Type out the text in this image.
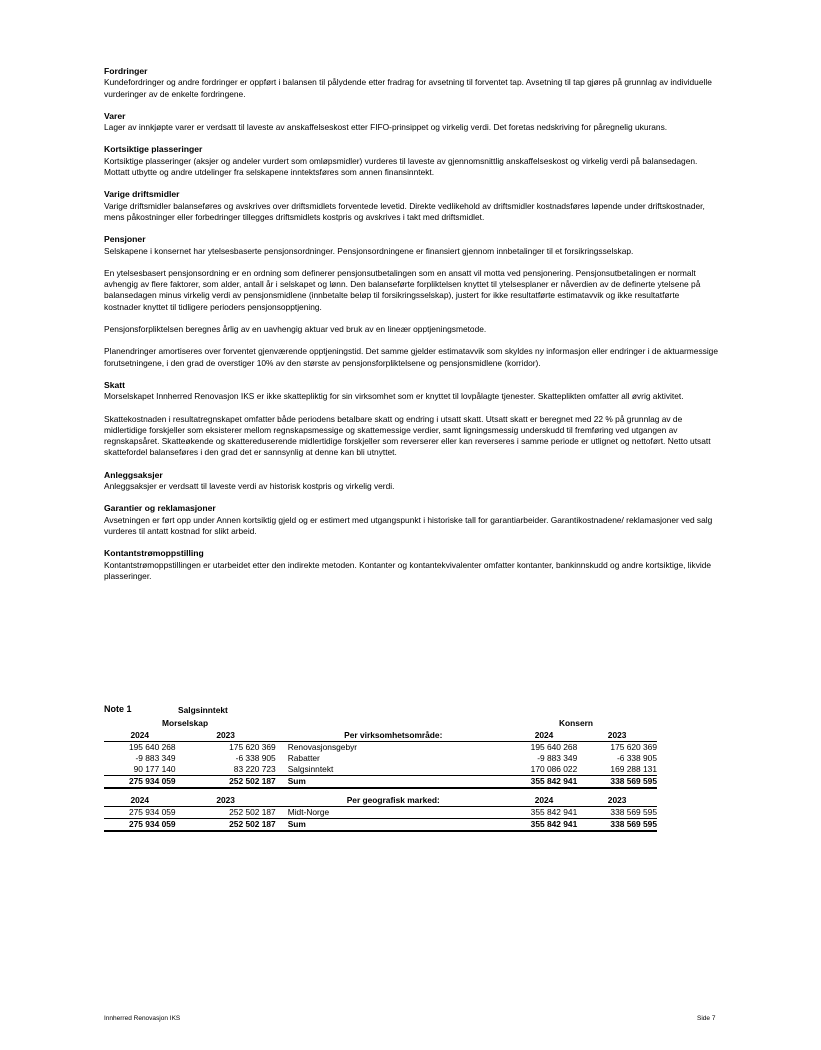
Fordringer
Kundefordringer og andre fordringer er oppført i balansen til pålydende etter fradrag for avsetning til forventet tap. Avsetning til tap gjøres på grunnlag av individuelle vurderinger av de enkelte fordringene.
Varer
Lager av innkjøpte varer er verdsatt til laveste av anskaffelseskost etter FIFO-prinsippet og virkelig verdi. Det foretas nedskriving for påregnelig ukurans.
Kortsiktige plasseringer
Kortsiktige plasseringer (aksjer og andeler vurdert som omløpsmidler) vurderes til laveste av gjennomsnittlig anskaffelseskost og virkelig verdi på balansedagen. Mottatt utbytte og andre utdelinger fra selskapene inntektsføres som annen finansinntekt.
Varige driftsmidler
Varige driftsmidler balanseføres og avskrives over driftsmidlets forventede levetid. Direkte vedlikehold av driftsmidler kostnadsføres løpende under driftskostnader, mens påkostninger eller forbedringer tillegges driftsmidlets kostpris og avskrives i takt med driftsmidlet.
Pensjoner
Selskapene i konsernet har ytelsesbaserte pensjonsordninger. Pensjonsordningene er finansiert gjennom innbetalinger til et forsikringsselskap.
En ytelsesbasert pensjonsordning er en ordning som definerer pensjonsutbetalingen som en ansatt vil motta ved pensjonering. Pensjonsutbetalingen er normalt avhengig av flere faktorer, som alder, antall år i selskapet og lønn. Den balanseførte forpliktelsen knyttet til ytelsesplaner er nåverdien av de definerte ytelsene på balansedagen minus virkelig verdi av pensjonsmidlene (innbetalte beløp til forsikringsselskap), justert for ikke resultatførte estimatavvik og ikke resultatførte kostnader knyttet til tidligere perioders pensjonsopptjening.
Pensjonsforpliktelsen beregnes årlig av en uavhengig aktuar ved bruk av en lineær opptjeningsmetode.
Planendringer amortiseres over forventet gjenværende opptjeningstid. Det samme gjelder estimatavvik som skyldes ny informasjon eller endringer i de aktuarmessige forutsetningene, i den grad de overstiger 10% av den største av pensjonsforpliktelsene og pensjonsmidlene (korridor).
Skatt
Morselskapet Innherred Renovasjon IKS er ikke skattepliktig for sin virksomhet som er knyttet til lovpålagte tjenester. Skatteplikten omfatter all øvrig aktivitet.
Skattekostnaden i resultatregnskapet omfatter både periodens betalbare skatt og endring i utsatt skatt. Utsatt skatt er beregnet med 22 % på grunnlag av de midlertidige forskjeller som eksisterer mellom regnskapsmessige og skattemessige verdier, samt ligningsmessig underskudd til fremføring ved utgangen av regnskapsåret. Skatteøkende og skattereduserende midlertidige forskjeller som reverserer eller kan reverseres i samme periode er utlignet og nettoført. Netto utsatt skattefordel balanseføres i den grad det er sannsynlig at denne kan bli utnyttet.
Anleggsaksjer
Anleggsaksjer er verdsatt til laveste verdi av historisk kostpris og virkelig verdi.
Garantier og reklamasjoner
Avsetningen er ført opp under Annen kortsiktig gjeld og er estimert med utgangspunkt i historiske tall for garantiarbeider. Garantikostnadene/ reklamasjoner ved salg vurderes til antatt kostnad for slikt arbeid.
Kontantstrømoppstilling
Kontantstrømoppstillingen er utarbeidet etter den indirekte metoden. Kontanter og kontantekvivalenter omfatter kontanter, bankinnskudd og andre kortsiktige, likvide plasseringer.
Note 1	Salgsinntekt
Morselskap	Konsern
2024	2023	Per virksomhetsområde:	2024	2023
195 640 268	175 620 369	Renovasjonsgebyr	195 640 268	175 620 369
-9 883 349	-6 338 905	Rabatter	-9 883 349	-6 338 905
90 177 140	83 220 723	Salgsinntekt	170 086 022	169 288 131
275 934 059	252 502 187	Sum	355 842 941	338 569 595
2024	2023	Per geografisk marked:	2024	2023
275 934 059	252 502 187	Midt-Norge	355 842 941	338 569 595
275 934 059	252 502 187	Sum	355 842 941	338 569 595
Innherred Renovasjon IKS	Side 7
